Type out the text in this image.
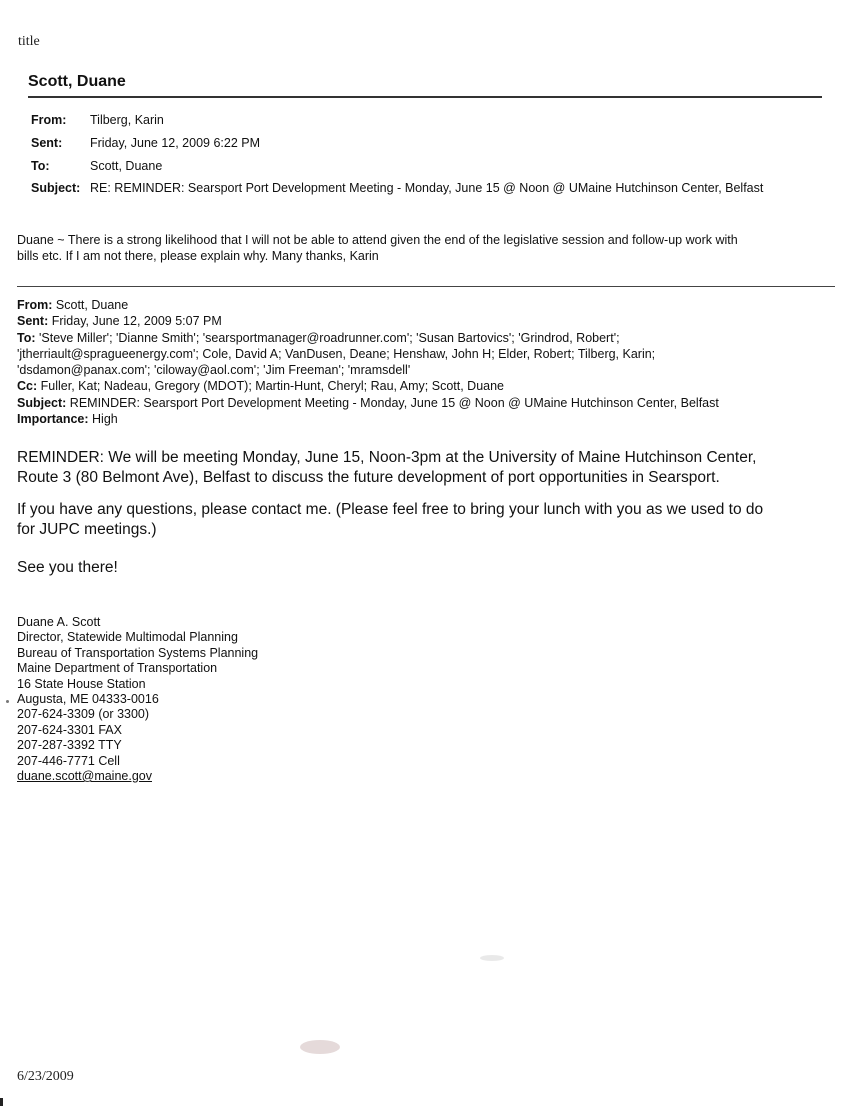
title
Scott, Duane
From: Tilberg, Karin
Sent: Friday, June 12, 2009 6:22 PM
To:	Scott, Duane
Subject: RE: REMINDER: Searsport Port Development Meeting - Monday, June 15 @ Noon @ UMaine Hutchinson Center, Belfast
Duane ~ There is a strong likelihood that I will not be able to attend given the end of the legislative session and follow-up work with
bills etc. If I am not there, please explain why. Many thanks, Karin
From: Scott, Duane
Sent: Friday, June 12, 2009 5:07 PM
To: 'Steve Miller'; 'Dianne Smith'; 'searsportmanager@roadrunner.com'; 'Susan Bartovics'; 'Grindrod, Robert';
'jtherriault@spragueenergy.com'; Cole, David A; VanDusen, Deane; Henshaw, John H; Elder, Robert; Tilberg, Karin;
'dsdamon@panax.com'; 'ciloway@aol.com'; 'Jim Freeman'; 'mramsdell'
Cc: Fuller, Kat; Nadeau, Gregory (MDOT); Martin-Hunt, Cheryl; Rau, Amy; Scott, Duane
Subject: REMINDER: Searsport Port Development Meeting - Monday, June 15 @ Noon @ UMaine Hutchinson Center, Belfast
Importance: High
REMINDER: We will be meeting Monday, June 15, Noon-3pm at the University of Maine Hutchinson Center,
Route 3 (80 Belmont Ave), Belfast to discuss the future development of port opportunities in Searsport.
If you have any questions, please contact me. (Please feel free to bring your lunch with you as we used to do
for JUPC meetings.)
See you there!
Duane A. Scott
Director, Statewide Multimodal Planning
Bureau of Transportation Systems Planning
Maine Department of Transportation
16 State House Station
Augusta, ME 04333-0016
207-624-3309 (or 3300)
207-624-3301 FAX
207-287-3392 TTY
207-446-7771 Cell
duane.scott@maine.gov
6/23/2009
